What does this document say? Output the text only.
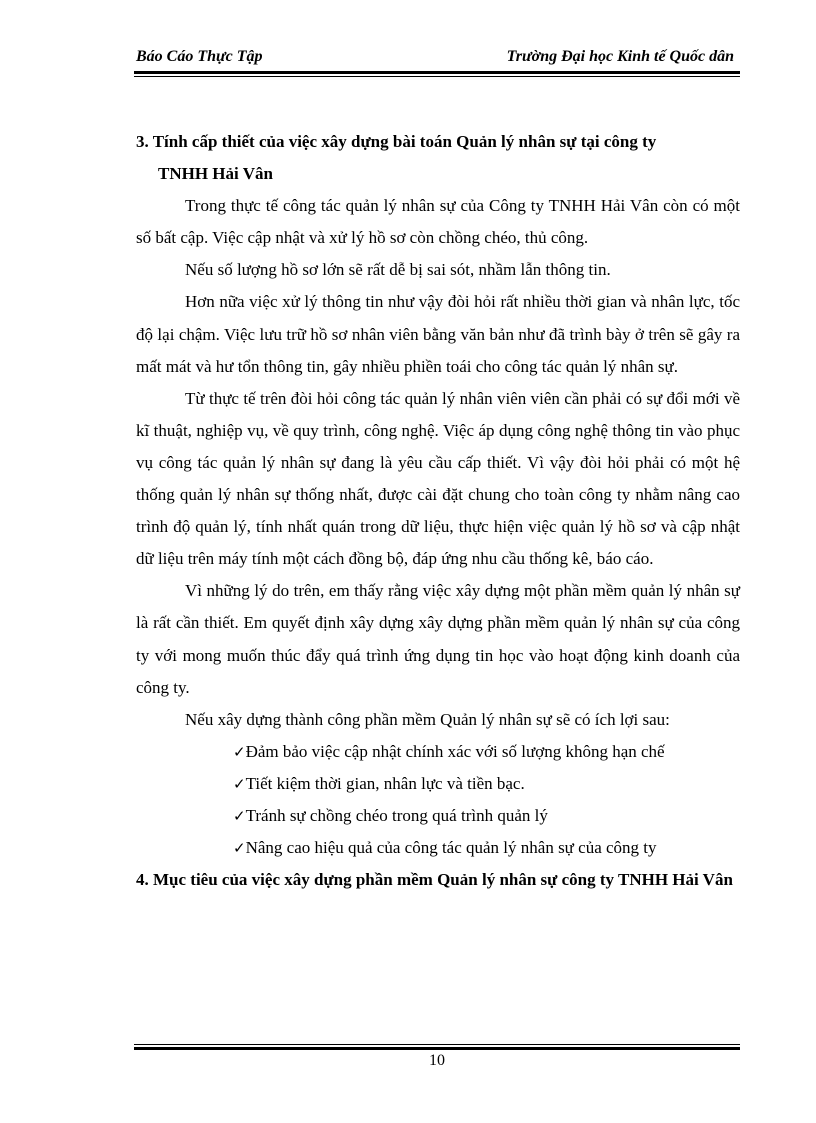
Báo Cáo Thực Tập	Trường Đại học Kinh tế Quốc dân

3. Tính cấp thiết của việc xây dựng bài toán Quản lý nhân sự tại công ty
TNHH Hải Vân

Trong thực tế công tác quản lý nhân sự của Công ty TNHH Hải Vân còn có một số bất cập. Việc cập nhật và xử lý hồ sơ còn chồng chéo, thủ công.

Nếu số lượng hồ sơ lớn sẽ rất dễ bị sai sót, nhầm lẫn thông tin.

Hơn nữa việc xử lý thông tin như vậy đòi hỏi rất nhiều thời gian và nhân lực, tốc độ lại chậm. Việc lưu trữ hồ sơ nhân viên bằng văn bản như đã trình bày ở trên sẽ gây ra mất mát và hư tổn thông tin, gây nhiều phiền toái cho công tác quản lý nhân sự.

Từ thực tế trên đòi hỏi công tác quản lý nhân viên viên cần phải có sự đổi mới về kĩ thuật, nghiệp vụ, về quy trình, công nghệ. Việc áp dụng công nghệ thông tin vào phục vụ công tác quản lý nhân sự đang là yêu cầu cấp thiết. Vì vậy đòi hỏi phải có một hệ thống quản lý nhân sự thống nhất, được cài đặt chung cho toàn công ty nhằm nâng cao trình độ quản lý, tính nhất quán trong dữ liệu, thực hiện việc quản lý hồ sơ và cập nhật dữ liệu trên máy tính một cách đồng bộ, đáp ứng nhu cầu thống kê, báo cáo.

Vì những lý do trên, em thấy rằng việc xây dựng một phần mềm quản lý nhân sự là rất cần thiết. Em quyết định xây dựng xây dựng phần mềm quản lý nhân sự của công ty với mong muốn thúc đẩy quá trình ứng dụng tin học vào hoạt động kinh doanh của công ty.

Nếu xây dựng thành công phần mềm Quản lý nhân sự sẽ có ích lợi sau:

✓Đảm bảo việc cập nhật chính xác với số lượng không hạn chế
✓Tiết kiệm thời gian, nhân lực và tiền bạc.
✓Tránh sự chồng chéo trong quá trình quản lý
✓Nâng cao hiệu quả của công tác quản lý nhân sự của công ty

4. Mục tiêu của việc xây dựng phần mềm Quản lý nhân sự công ty TNHH Hải Vân

10
